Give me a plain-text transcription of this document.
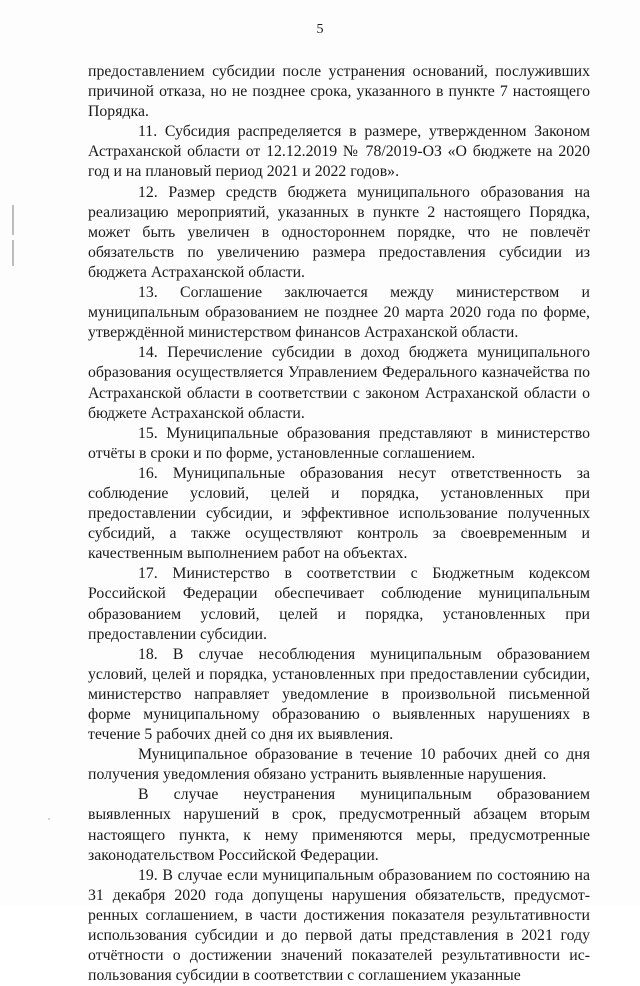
5

предоставлением субсидии после устранения оснований, послуживших причиной отказа, но не позднее срока, указанного в пункте 7 настоящего Порядка.

11. Субсидия распределяется в размере, утвержденном Законом Астраханской области от 12.12.2019 № 78/2019-ОЗ «О бюджете на 2020 год и на плановый период 2021 и 2022 годов».

12. Размер средств бюджета муниципального образования на реализацию мероприятий, указанных в пункте 2 настоящего Порядка, может быть увеличен в одностороннем порядке, что не повлечёт обязательств по увеличению размера предоставления субсидии из бюджета Астраханской области.

13. Соглашение заключается между министерством и муниципальным образованием не позднее 20 марта 2020 года по форме, утверждённой министерством финансов Астраханской области.

14. Перечисление субсидии в доход бюджета муниципального образования осуществляется Управлением Федерального казначейства по Астраханской области в соответствии с законом Астраханской области о бюджете Астраханской области.

15. Муниципальные образования представляют в министерство отчёты в сроки и по форме, установленные соглашением.

16. Муниципальные образования несут ответственность за соблюдение условий, целей и порядка, установленных при предоставлении субсидии, и эффективное использование полученных субсидий, а также осуществляют контроль за своевременным и качественным выполнением работ на объектах.

17. Министерство в соответствии с Бюджетным кодексом Российской Федерации обеспечивает соблюдение муниципальным образованием условий, целей и порядка, установленных при предоставлении субсидии.

18. В случае несоблюдения муниципальным образованием условий, целей и порядка, установленных при предоставлении субсидии, министерство направляет уведомление в произвольной письменной форме муниципальному образованию о выявленных нарушениях в течение 5 рабочих дней со дня их выявления.

Муниципальное образование в течение 10 рабочих дней со дня получения уведомления обязано устранить выявленные нарушения.

В случае неустранения муниципальным образованием выявленных нарушений в срок, предусмотренный абзацем вторым настоящего пункта, к нему применяются меры, предусмотренные законодательством Российской Федерации.

19. В случае если муниципальным образованием по состоянию на 31 декабря 2020 года допущены нарушения обязательств, предусмотренных соглашением, в части достижения показателя результативности использования субсидии и до первой даты представления в 2021 году отчётности о достижении значений показателей результативности использования субсидии в соответствии с соглашением указанные
